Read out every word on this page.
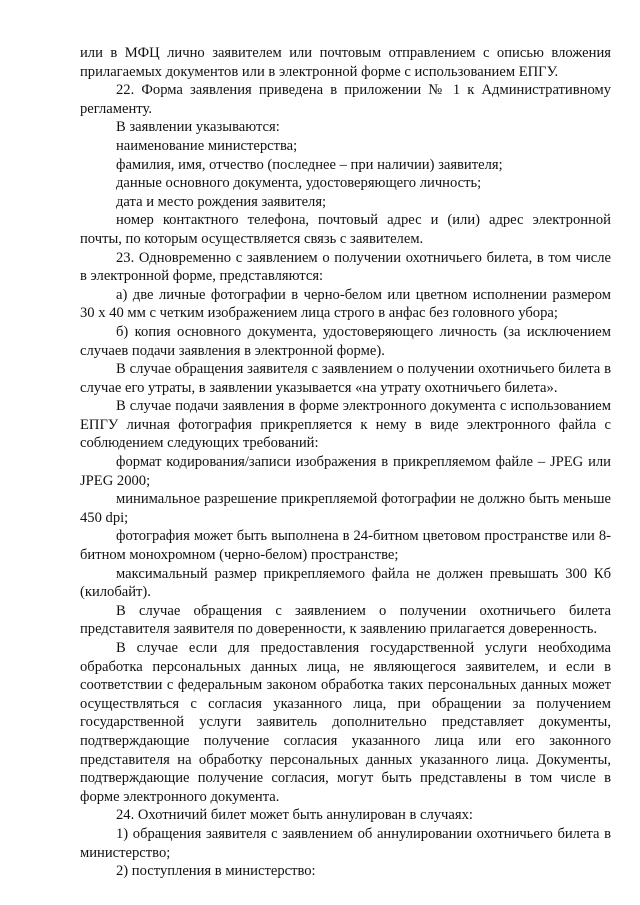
или в МФЦ лично заявителем или почтовым отправлением с описью вложения прилагаемых документов или в электронной форме с использованием ЕПГУ.

22. Форма заявления приведена в приложении № 1 к Административному регламенту.

В заявлении указываются:

наименование министерства;

фамилия, имя, отчество (последнее – при наличии) заявителя;

данные основного документа, удостоверяющего личность;

дата и место рождения заявителя;

номер контактного телефона, почтовый адрес и (или) адрес электронной почты, по которым осуществляется связь с заявителем.

23. Одновременно с заявлением о получении охотничьего билета, в том числе в электронной форме, представляются:

а) две личные фотографии в черно-белом или цветном исполнении размером 30 х 40 мм с четким изображением лица строго в анфас без головного убора;

б) копия основного документа, удостоверяющего личность (за исключением случаев подачи заявления в электронной форме).

В случае обращения заявителя с заявлением о получении охотничьего билета в случае его утраты, в заявлении указывается «на утрату охотничьего билета».

В случае подачи заявления в форме электронного документа с использованием ЕПГУ личная фотография прикрепляется к нему в виде электронного файла с соблюдением следующих требований:

формат кодирования/записи изображения в прикрепляемом файле – JPEG или JPEG 2000;

минимальное разрешение прикрепляемой фотографии не должно быть меньше 450 dpi;

фотография может быть выполнена в 24-битном цветовом пространстве или 8-битном монохромном (черно-белом) пространстве;

максимальный размер прикрепляемого файла не должен превышать 300 Кб (килобайт).

В случае обращения с заявлением о получении охотничьего билета представителя заявителя по доверенности, к заявлению прилагается доверенность.

В случае если для предоставления государственной услуги необходима обработка персональных данных лица, не являющегося заявителем, и если в соответствии с федеральным законом обработка таких персональных данных может осуществляться с согласия указанного лица, при обращении за получением государственной услуги заявитель дополнительно представляет документы, подтверждающие получение согласия указанного лица или его законного представителя на обработку персональных данных указанного лица. Документы, подтверждающие получение согласия, могут быть представлены в том числе в форме электронного документа.

24. Охотничий билет может быть аннулирован в случаях:

1) обращения заявителя с заявлением об аннулировании охотничьего билета в министерство;

2) поступления в министерство:
